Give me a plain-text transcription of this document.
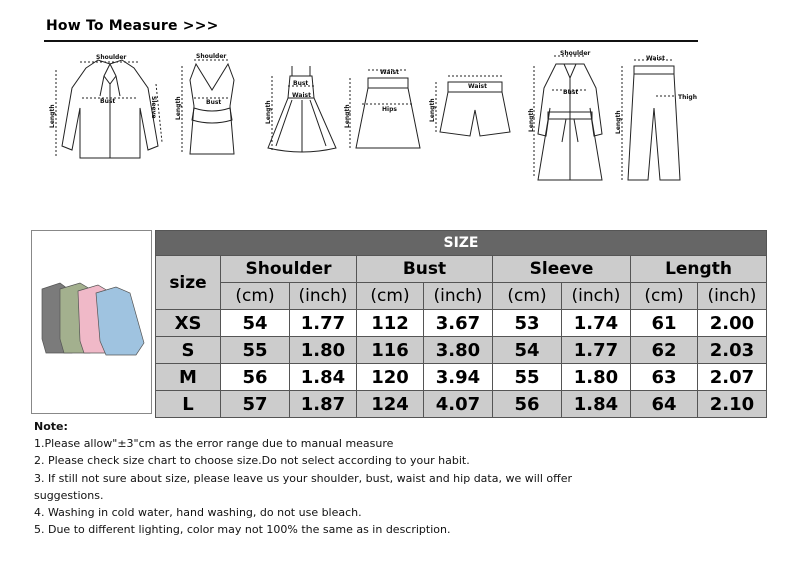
How To Measure >>>
Shoulder
Bust
Length	Sleeve
Shoulder
Bust
Length
Bust
Waist
Length
Waist
Hips
Length
Waist
Length
Shoulder
Bust
Length
Waist
Thigh
Length
SIZE								
size	Shoulder		Bust		Sleeve		Length	
	(cm)	(inch)	(cm)	(inch)	(cm)	(inch)	(cm)	(inch)
XS	54	1.77	112	3.67	53	1.74	61	2.00
S	55	1.80	116	3.80	54	1.77	62	2.03
M	56	1.84	120	3.94	55	1.80	63	2.07
L	57	1.87	124	4.07	56	1.84	64	2.10
Note:
1.Please allow"±3"cm as the error range due to manual measure
2. Please check size chart to choose size.Do not select according to your habit.
3. If still not sure about size, please leave us your shoulder, bust, waist and hip data, we will offer suggestions.
4. Washing in cold water, hand washing, do not use bleach.
5. Due to different lighting, color may not 100% the same as in description.
